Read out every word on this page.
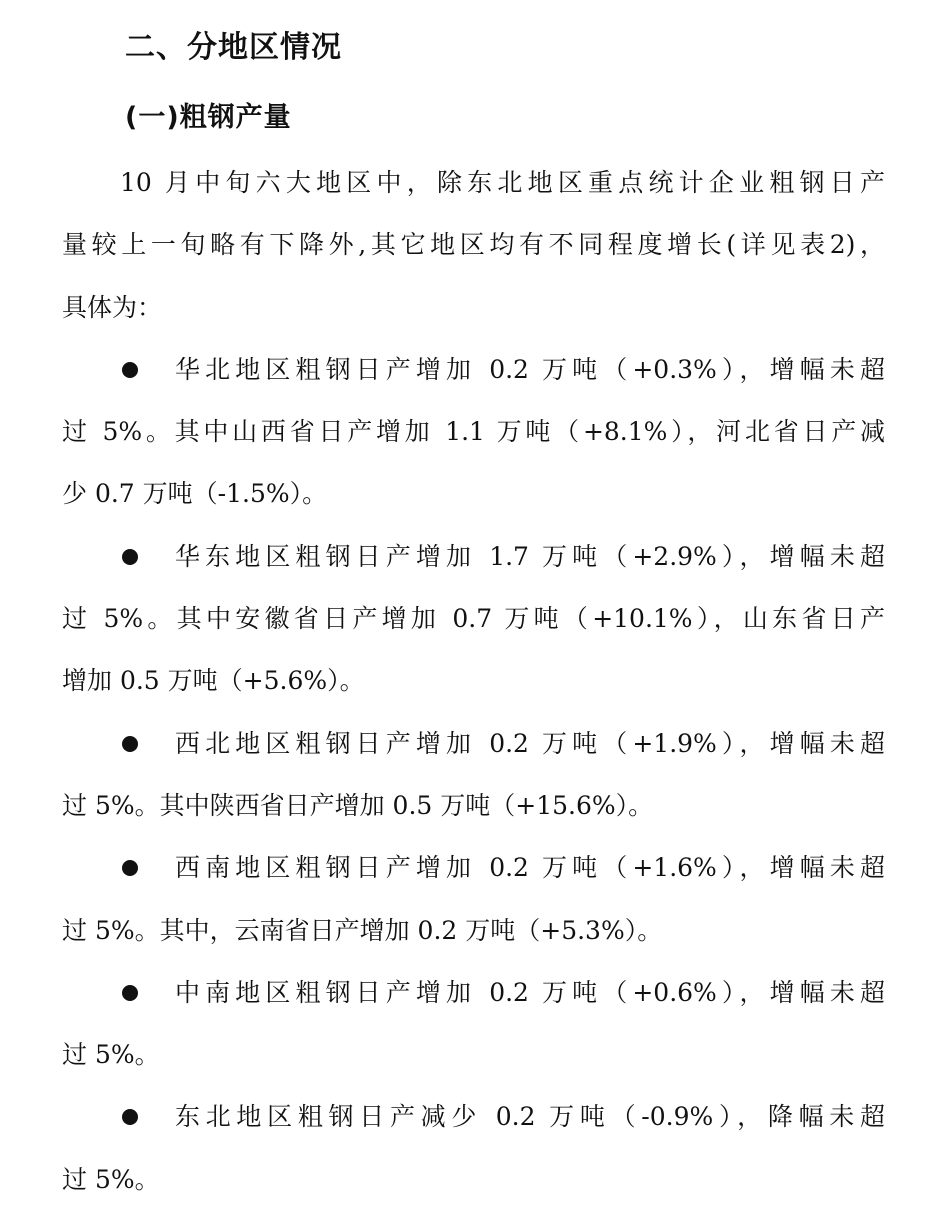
二、分地区情况
(一)粗钢产量
10 月中旬六大地区中，除东北地区重点统计企业粗钢日产
量较上一旬略有下降外,其它地区均有不同程度增长(详见表2)，
具体为：
华北地区粗钢日产增加 0.2 万吨（+0.3%），增幅未超
过 5%。其中山西省日产增加 1.1 万吨（+8.1%），河北省日产减
少 0.7 万吨（-1.5%）。
华东地区粗钢日产增加 1.7 万吨（+2.9%），增幅未超
过 5%。其中安徽省日产增加 0.7 万吨（+10.1%），山东省日产
增加 0.5 万吨（+5.6%）。
西北地区粗钢日产增加 0.2 万吨（+1.9%），增幅未超
过 5%。其中陕西省日产增加 0.5 万吨（+15.6%）。
西南地区粗钢日产增加 0.2 万吨（+1.6%），增幅未超
过 5%。其中，云南省日产增加 0.2 万吨（+5.3%）。
中南地区粗钢日产增加 0.2 万吨（+0.6%），增幅未超
过 5%。
东北地区粗钢日产减少 0.2 万吨（-0.9%），降幅未超
过 5%。
